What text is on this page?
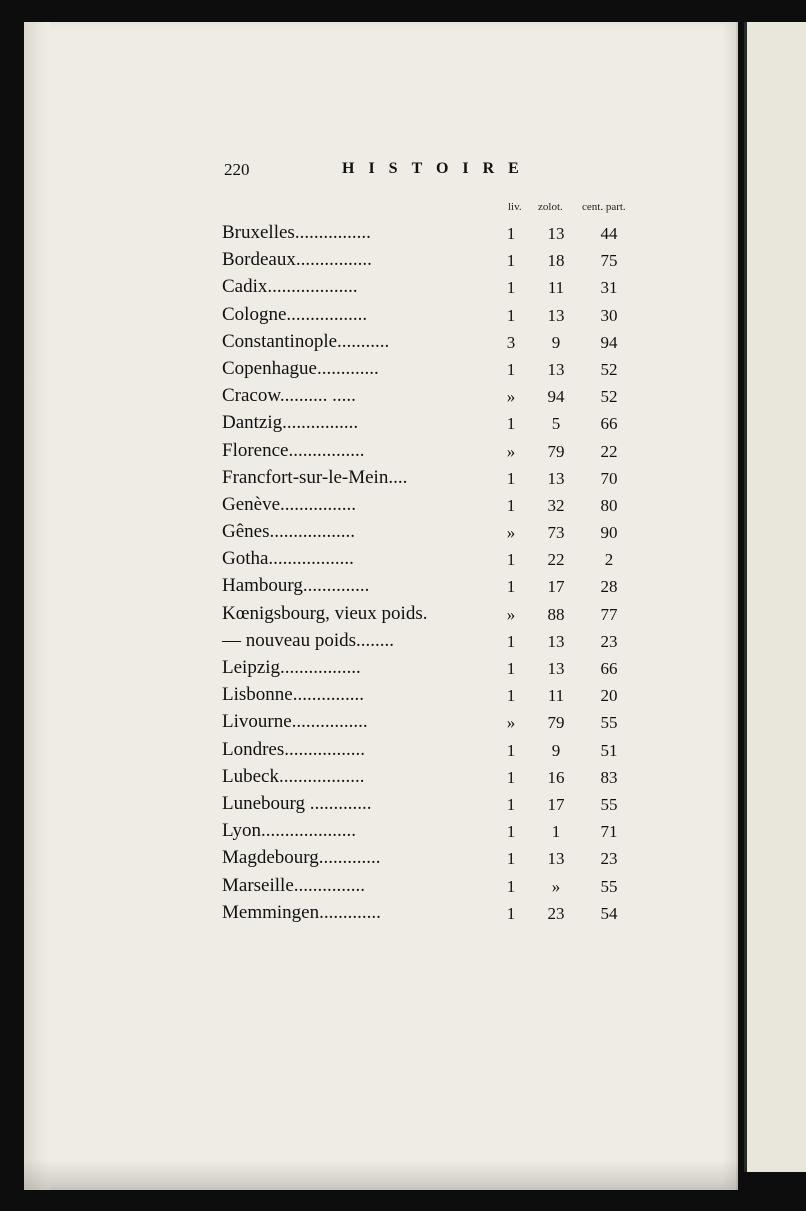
220	HISTOIRE
liv. zolot. cent. part.
Bruxelles................	1	13	44
Bordeaux................	1	18	75
Cadix...................	1	11	31
Cologne.................	1	13	30
Constantinople...........	3	9	94
Copenhague.............	1	13	52
Cracow.......... .....	»	94	52
Dantzig................	1	5	66
Florence................	»	79	22
Francfort-sur-le-Mein....	1	13	70
Genève................	1	32	80
Gênes..................	»	73	90
Gotha..................	1	22	2
Hambourg..............	1	17	28
Kœnigsbourg, vieux poids.	»	88	77
— nouveau poids........	1	13	23
Leipzig.................	1	13	66
Lisbonne...............	1	11	20
Livourne................	»	79	55
Londres.................	1	9	51
Lubeck..................	1	16	83
Lunebourg .............	1	17	55
Lyon....................	1	1	71
Magdebourg.............	1	13	23
Marseille...............	1	»	55
Memmingen.............	1	23	54
